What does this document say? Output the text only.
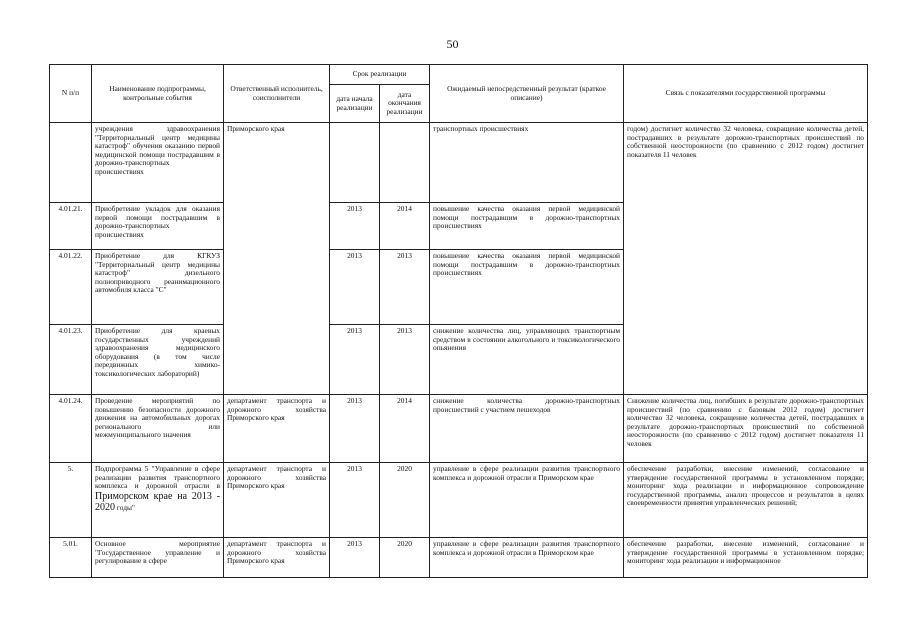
50
N п/п	Наименование подпрограммы, контрольные события	Ответственный исполнитель, соисполнители	Срок реализации		Ожидаемый непосредственный результат (краткое описание)	Связь с показателями государственной программы
			дата начала реализации	дата окончания реализации		
	учреждения здравоохранения "Территориальный центр медицины катастроф" обучения оказанию первой медицинской помощи пострадавшим в дорожно-транспортных происшествиях	Приморского края			транспортных происшествиях	годом) достигнет количество 32 человека, сокращение количества детей, пострадавших в результате дорожно-транспортных происшествий по собственной неосторожности (по сравнению с 2012 годом) достигнет показателя 11 человек
4.01.21.	Приобретение укладок для оказания первой помощи пострадавшим в дорожно-транспортных происшествиях		2013	2014	повышение качества оказания первой медицинской помощи пострадавшим в дорожно-транспортных происшествиях	
4.01.22.	Приобретение для КГКУЗ "Территориальный центр медицины катастроф" дизельного полноприводного реанимационного автомобиля класса "С"		2013	2013	повышение качества оказания первой медицинской помощи пострадавшим в дорожно-транспортных происшествиях	
4.01.23.	Приобретение для краевых государственных учреждений здравоохранения медицинского оборудования (в том числе передвижных химико-токсикологических лабораторий)		2013	2013	снижение количества лиц, управляющих транспортным средством в состоянии алкогольного и токсикологического опьянения	
4.01.24.	Проведение мероприятий по повышению безопасности дорожного движения на автомобильных дорогах регионального или межмуниципального значения	департамент транспорта и дорожного хозяйства Приморского края	2013	2014	снижение количества дорожно-транспортных происшествий с участием пешеходов	Снижение количества лиц, погибших в результате дорожно-транспортных происшествий (по сравнению с базовым 2012 годом) достигнет количество 32 человека, сокращение количества детей, пострадавших в результате дорожно-транспортных происшествий по собственной неосторожности (по сравнению с 2012 годом) достигнет показателя 11 человек
5.	Подпрограмма 5 "Управление в сфере реализации развития транспортного комплекса и дорожной отрасли в Приморском крае на 2013 - 2020 годы"	департамент транспорта и дорожного хозяйства Приморского края	2013	2020	управление в сфере реализации развития транспортного комплекса и дорожной отрасли в Приморском крае	обеспечение разработки, внесение изменений, согласование и утверждение государственной программы в установленном порядке; мониторинг хода реализации и информационное сопровождение государственной программы, анализ процессов и результатов в целях своевременности принятия управленческих решений;
5.01.	Основное мероприятие "Государственное управление и регулирование в сфере	департамент транспорта и дорожного хозяйства Приморского края	2013	2020	управление в сфере реализации развития транспортного комплекса и дорожной отрасли в Приморском крае	обеспечение разработки, внесение изменений, согласование и утверждение государственной программы в установленном порядке; мониторинг хода реализации и информационное
